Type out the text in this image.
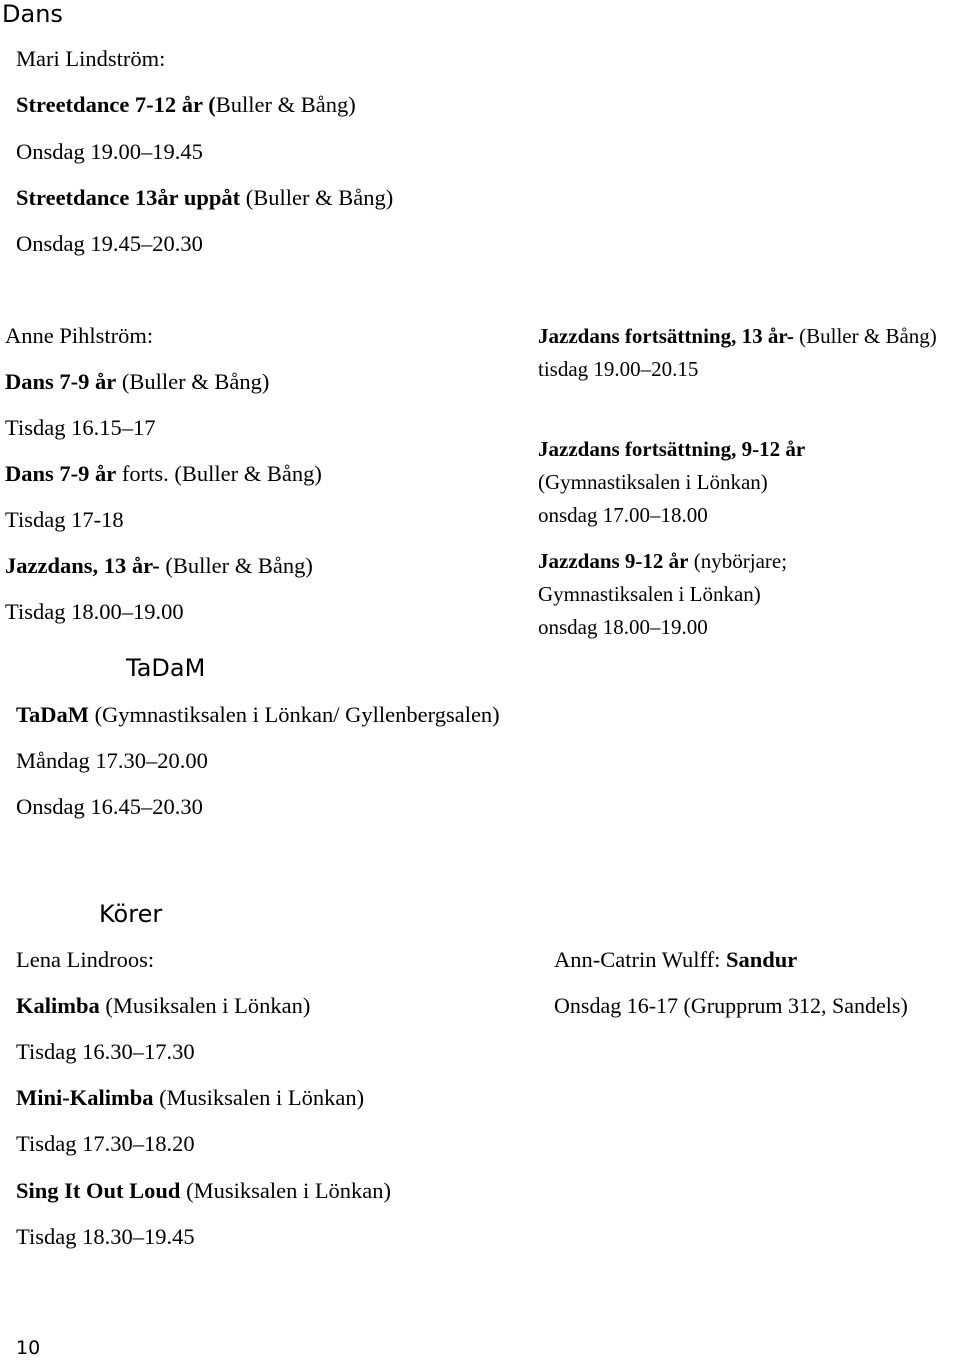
Dans
Mari Lindström:
Streetdance 7-12 år (Buller & Bång)
Onsdag 19.00–19.45
Streetdance 13år uppåt (Buller & Bång)
Onsdag 19.45–20.30
Anne Pihlström:
Dans 7-9 år (Buller & Bång)
Tisdag 16.15–17
Dans 7-9 år forts. (Buller & Bång)
Tisdag 17-18
Jazzdans, 13 år- (Buller & Bång)
Tisdag 18.00–19.00
Jazzdans fortsättning, 13 år- (Buller & Bång)
tisdag 19.00–20.15
Jazzdans fortsättning, 9-12 år
(Gymnastiksalen i Lönkan)
onsdag 17.00–18.00
Jazzdans 9-12 år (nybörjare; Gymnastiksalen i Lönkan)
onsdag 18.00–19.00
TaDaM
TaDaM (Gymnastiksalen i Lönkan/ Gyllenbergsalen)
Måndag 17.30–20.00
Onsdag 16.45–20.30
Körer
Lena Lindroos:
Kalimba (Musiksalen i Lönkan)
Tisdag 16.30–17.30
Mini-Kalimba (Musiksalen i Lönkan)
Tisdag 17.30–18.20
Sing It Out Loud (Musiksalen i Lönkan)
Tisdag 18.30–19.45
Ann-Catrin Wulff: Sandur
Onsdag 16-17 (Grupprum 312, Sandels)
10
